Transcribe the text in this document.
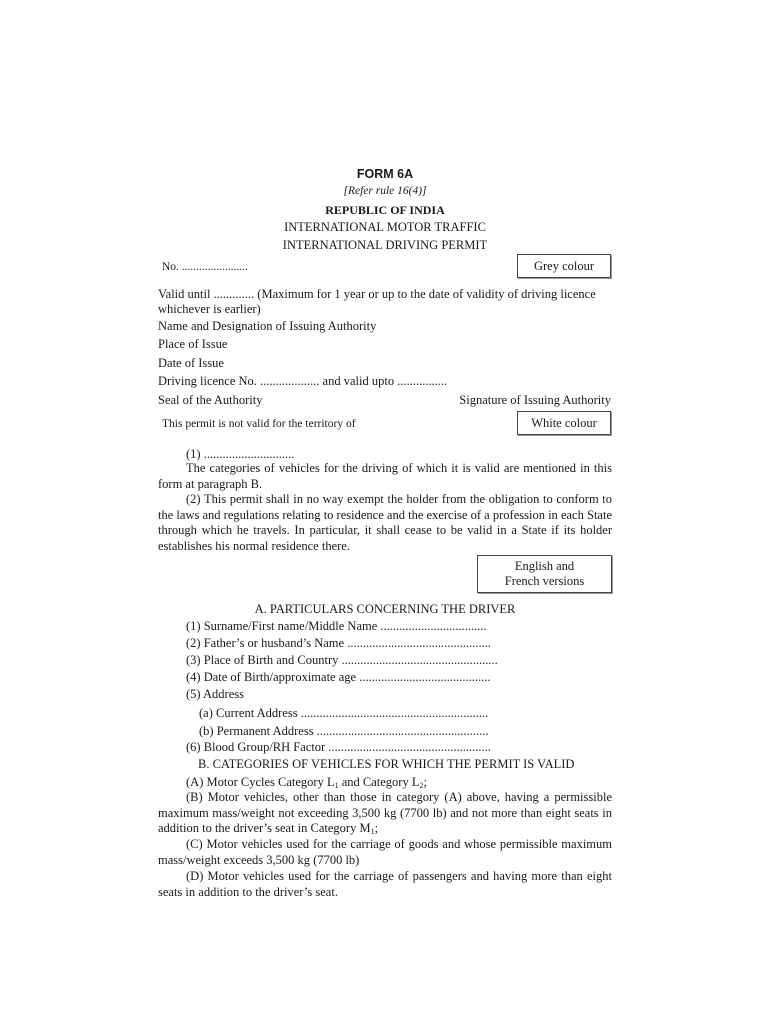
FORM 6A
[Refer rule 16(4)]
REPUBLIC OF INDIA
INTERNATIONAL MOTOR TRAFFIC
INTERNATIONAL DRIVING PERMIT
No. .......................	Grey colour
Valid until ............. (Maximum for 1 year or up to the date of validity of driving licence
whichever is earlier)
Name and Designation of Issuing Authority
Place of Issue
Date of Issue
Driving licence No. ................... and valid upto ................
Seal of the Authority	Signature of Issuing Authority
This permit is not valid for the territory of	White colour
(1) .............................
The categories of vehicles for the driving of which it is valid are mentioned in this form at paragraph B.
(2) This permit shall in no way exempt the holder from the obligation to conform to the laws and regulations relating to residence and the exercise of a profession in each State through which he travels. In particular, it shall cease to be valid in a State if its holder establishes his normal residence there.
English and
French versions
A. PARTICULARS CONCERNING THE DRIVER
(1) Surname/First name/Middle Name ..................................
(2) Father’s or husband’s Name ..............................................
(3) Place of Birth and Country ..................................................
(4) Date of Birth/approximate age ..........................................
(5) Address
(a) Current Address ............................................................
(b) Permanent Address .......................................................
(6) Blood Group/RH Factor ....................................................
B. CATEGORIES OF VEHICLES FOR WHICH THE PERMIT IS VALID
(A) Motor Cycles Category $L_1$ and Category $L_2$;
(B) Motor vehicles, other than those in category (A) above, having a permissible maximum mass/weight not exceeding 3,500 kg (7700 lb) and not more than eight seats in addition to the driver’s seat in Category $M_1$;
(C) Motor vehicles used for the carriage of goods and whose permissible maximum mass/weight exceeds 3,500 kg (7700 lb)
(D) Motor vehicles used for the carriage of passengers and having more than eight seats in addition to the driver’s seat.
